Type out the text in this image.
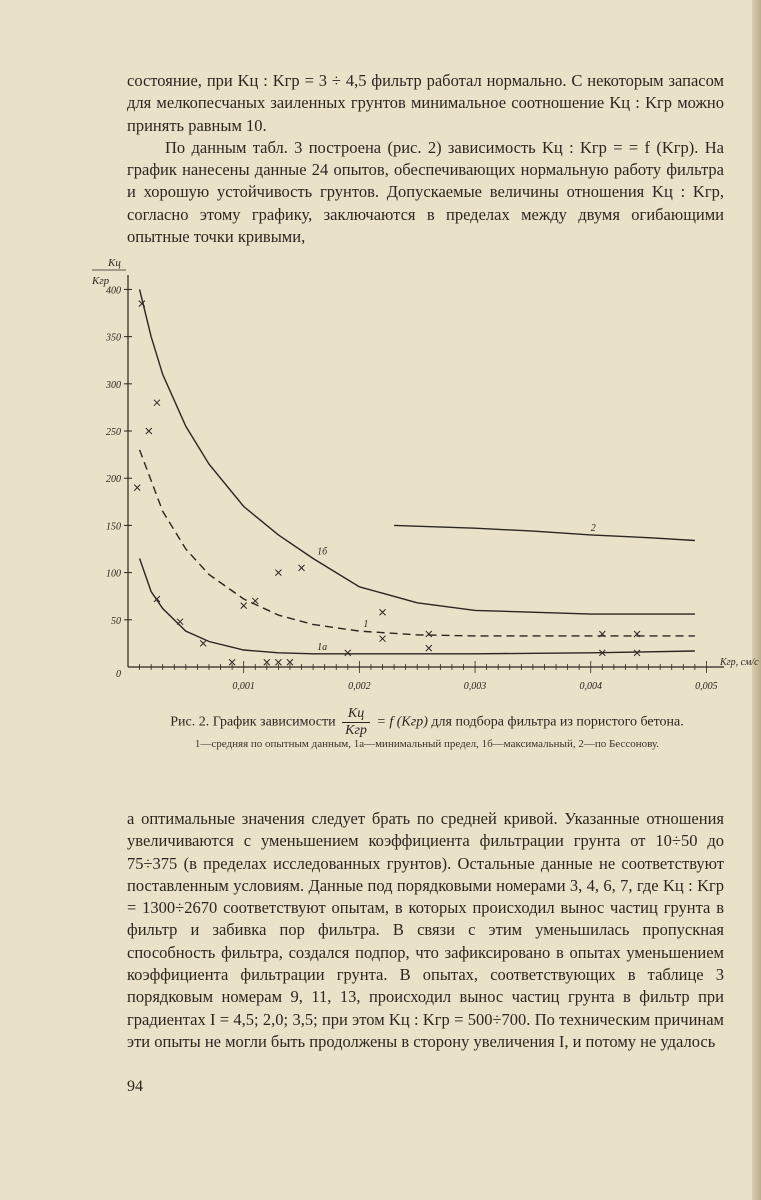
состояние, при Kц : Kгр = 3 ÷ 4,5 фильтр работал нормально. С некоторым запасом для мелкопесчаных заиленных грунтов минимальное соотношение Kц : Kгр можно принять равным 10.

По данным табл. 3 построена (рис. 2) зависимость Kц : Kгр = = f (Kгр). На график нанесены данные 24 опытов, обеспечивающих нормальную работу фильтра и хорошую устойчивость грунтов. Допускаемые величины отношения Kц : Kгр, согласно этому графику, заключаются в пределах между двумя огибающими опытные точки кривыми,

50
100
150
200
250
300
350
400
0,001	0,002	0,003	0,004	0,005
0
Kц
Kгр
Kгр, см/с
2
1б
1
1а
Рис. 2. График зависимости $\frac{Kц}{\text{Kгр}} = f$ (Kгр) для подбора фильтра из пористого бетона.
1—средняя по опытным данным, 1а—минимальный предел, 1б—максимальный, 2—по Бессонову.

а оптимальные значения следует брать по средней кривой. Указанные отношения увеличиваются с уменьшением коэффициента фильтрации грунта от 10÷50 до 75÷375 (в пределах исследованных грунтов). Остальные данные не соответствуют поставленным условиям. Данные под порядковыми номерами 3, 4, 6, 7, где Kц : Kгр = 1300÷2670 соответствуют опытам, в которых происходил вынос частиц грунта в фильтр и забивка пор фильтра. В связи с этим уменьшилась пропускная способность фильтра, создался подпор, что зафиксировано в опытах уменьшением коэффициента фильтрации грунта. В опытах, соответствующих в таблице 3 порядковым номерам 9, 11, 13, происходил вынос частиц грунта в фильтр при градиентах I = 4,5; 2,0; 3,5; при этом Kц : Kгр = 500÷700. По техническим причинам эти опыты не могли быть продолжены в сторону увеличения I, и потому не удалось

94
